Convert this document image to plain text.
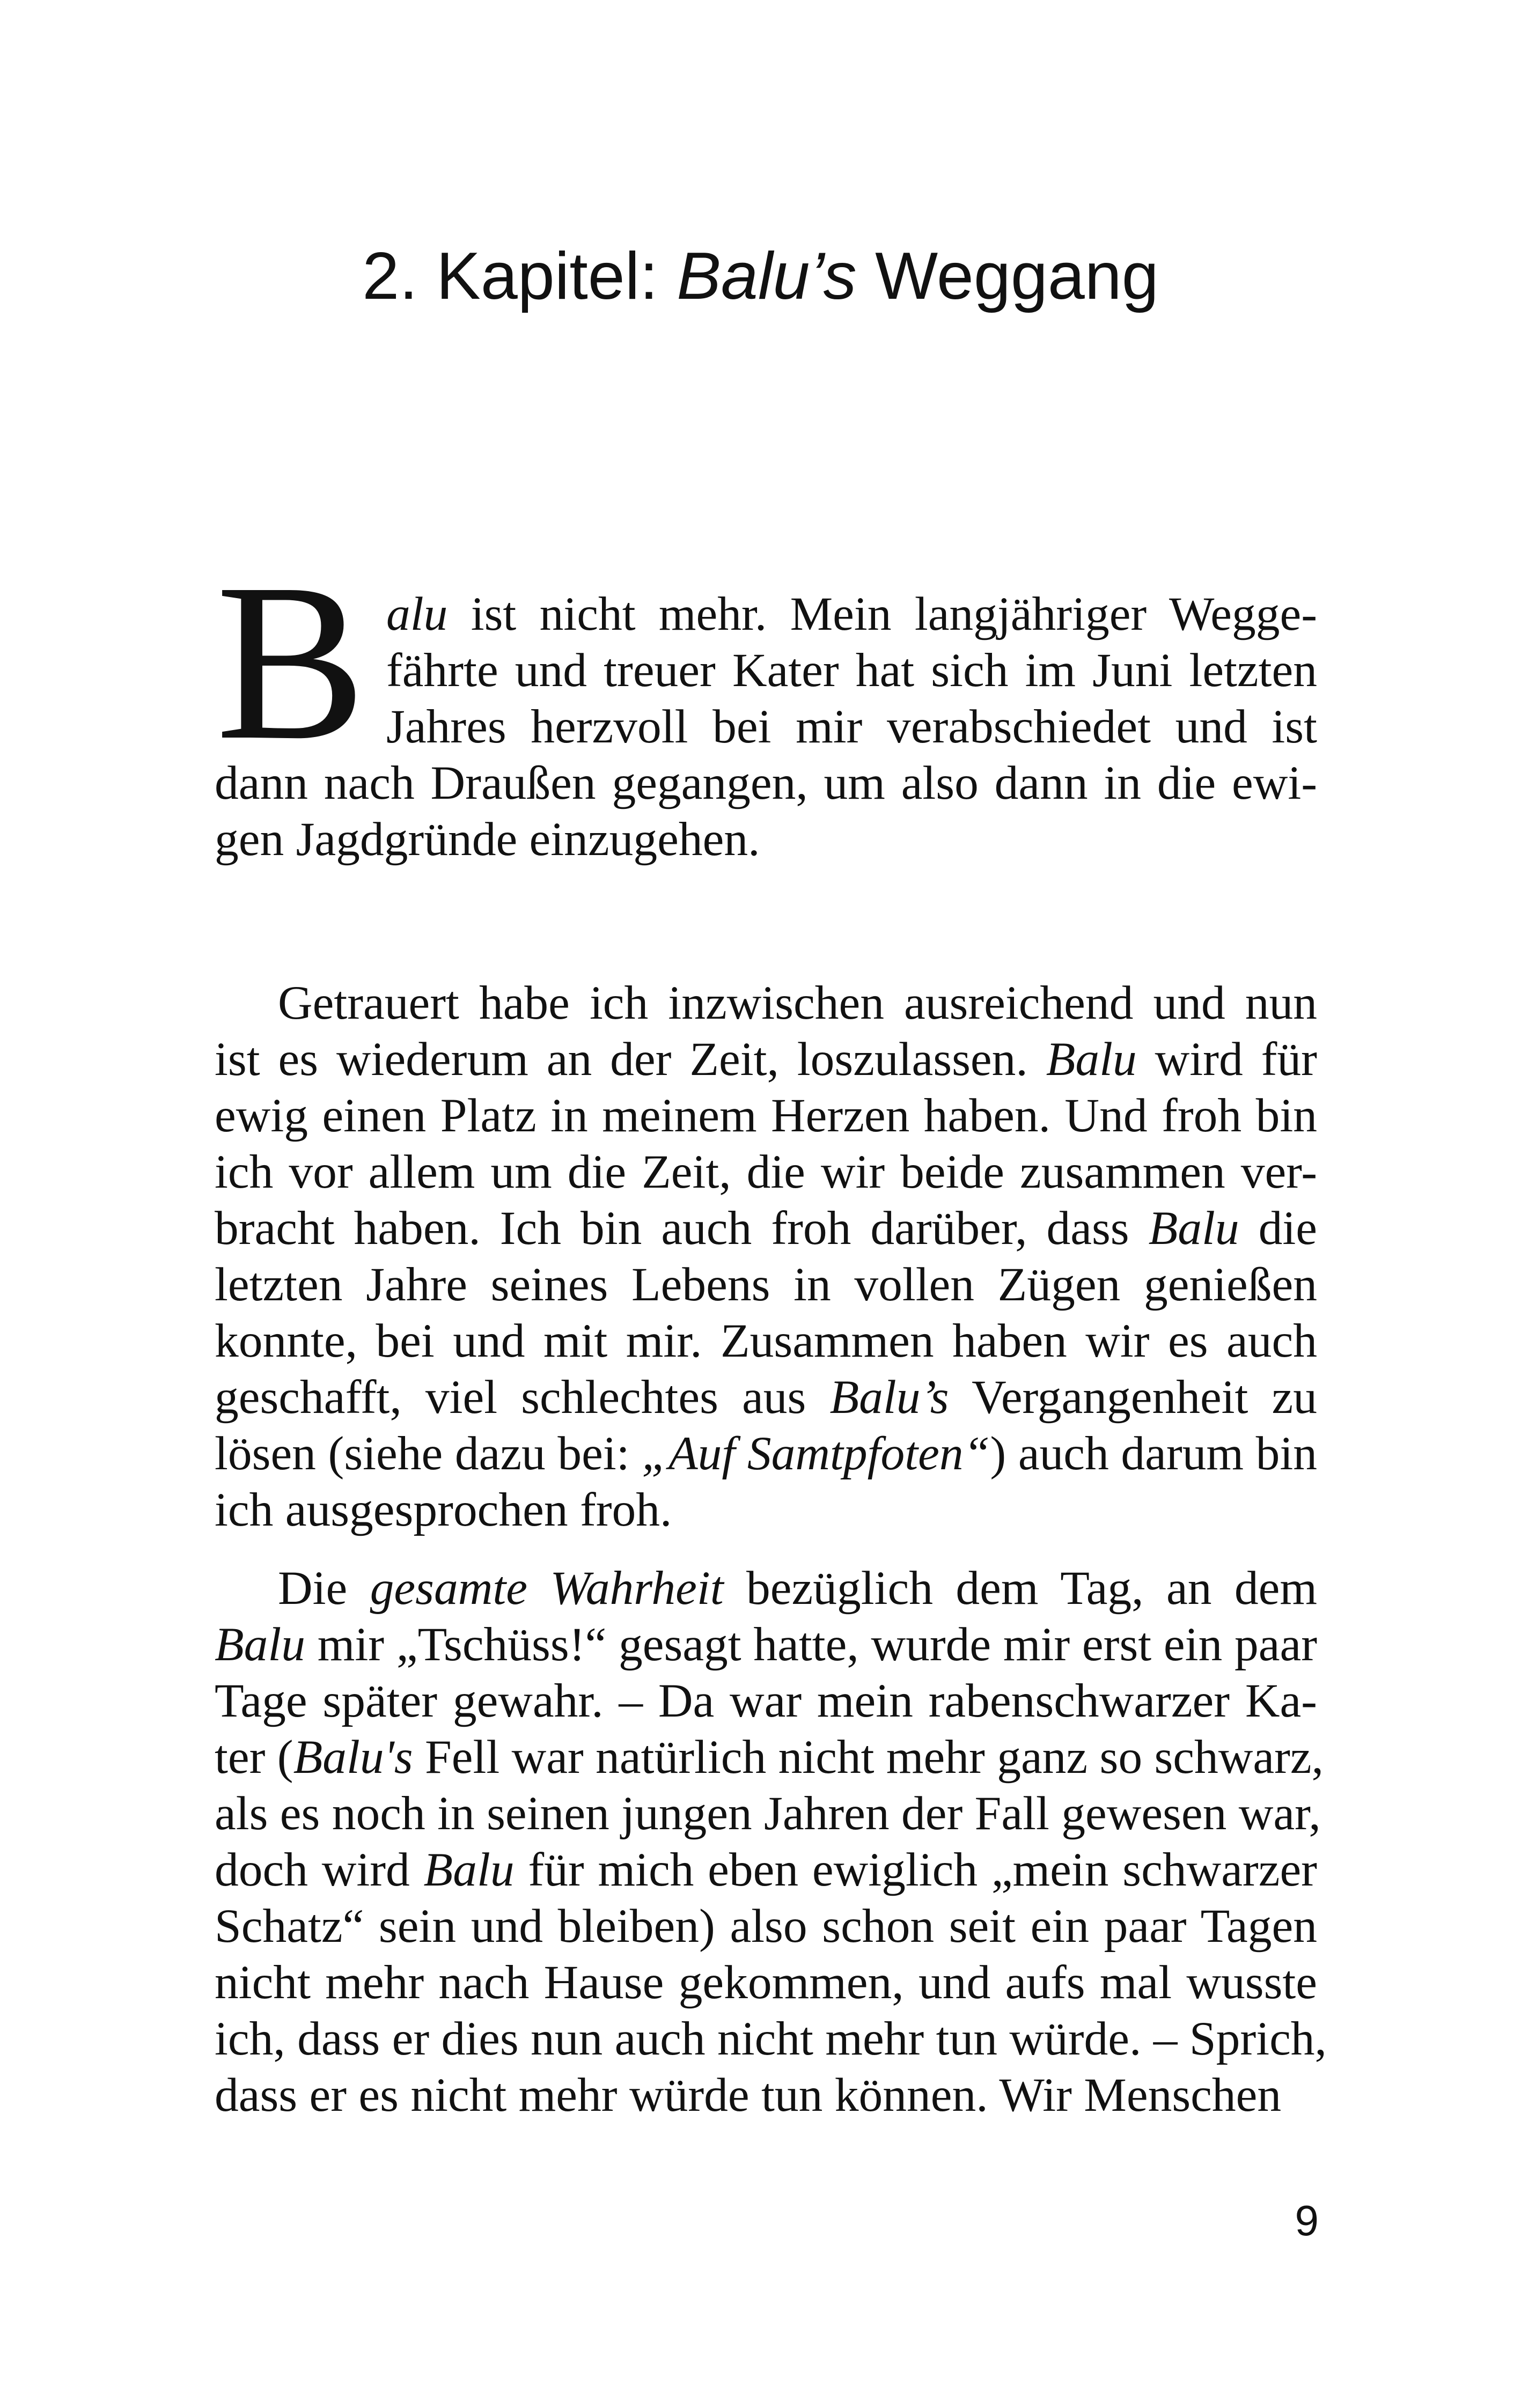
2. Kapitel: Balu’s Weggang
B alu ist nicht mehr. Mein langjähriger Wegge-
fährte und treuer Kater hat sich im Juni letzten
Jahres herzvoll bei mir verabschiedet und ist
dann nach Draußen gegangen, um also dann in die ewi-
gen Jagdgründe einzugehen.
Getrauert habe ich inzwischen ausreichend und nun
ist es wiederum an der Zeit, loszulassen. Balu wird für
ewig einen Platz in meinem Herzen haben. Und froh bin
ich vor allem um die Zeit, die wir beide zusammen ver-
bracht haben. Ich bin auch froh darüber, dass Balu die
letzten Jahre seines Lebens in vollen Zügen genießen
konnte, bei und mit mir. Zusammen haben wir es auch
geschafft, viel schlechtes aus Balu’s Vergangenheit zu
lösen (siehe dazu bei: „Auf Samtpfoten“) auch darum bin
ich ausgesprochen froh.
Die gesamte Wahrheit bezüglich dem Tag, an dem
Balu mir „Tschüss!“ gesagt hatte, wurde mir erst ein paar
Tage später gewahr. – Da war mein rabenschwarzer Ka-
ter (Balu's Fell war natürlich nicht mehr ganz so schwarz,
als es noch in seinen jungen Jahren der Fall gewesen war,
doch wird Balu für mich eben ewiglich „mein schwarzer
Schatz“ sein und bleiben) also schon seit ein paar Tagen
nicht mehr nach Hause gekommen, und aufs mal wusste
ich, dass er dies nun auch nicht mehr tun würde. – Sprich,
dass er es nicht mehr würde tun können. Wir Menschen
9
